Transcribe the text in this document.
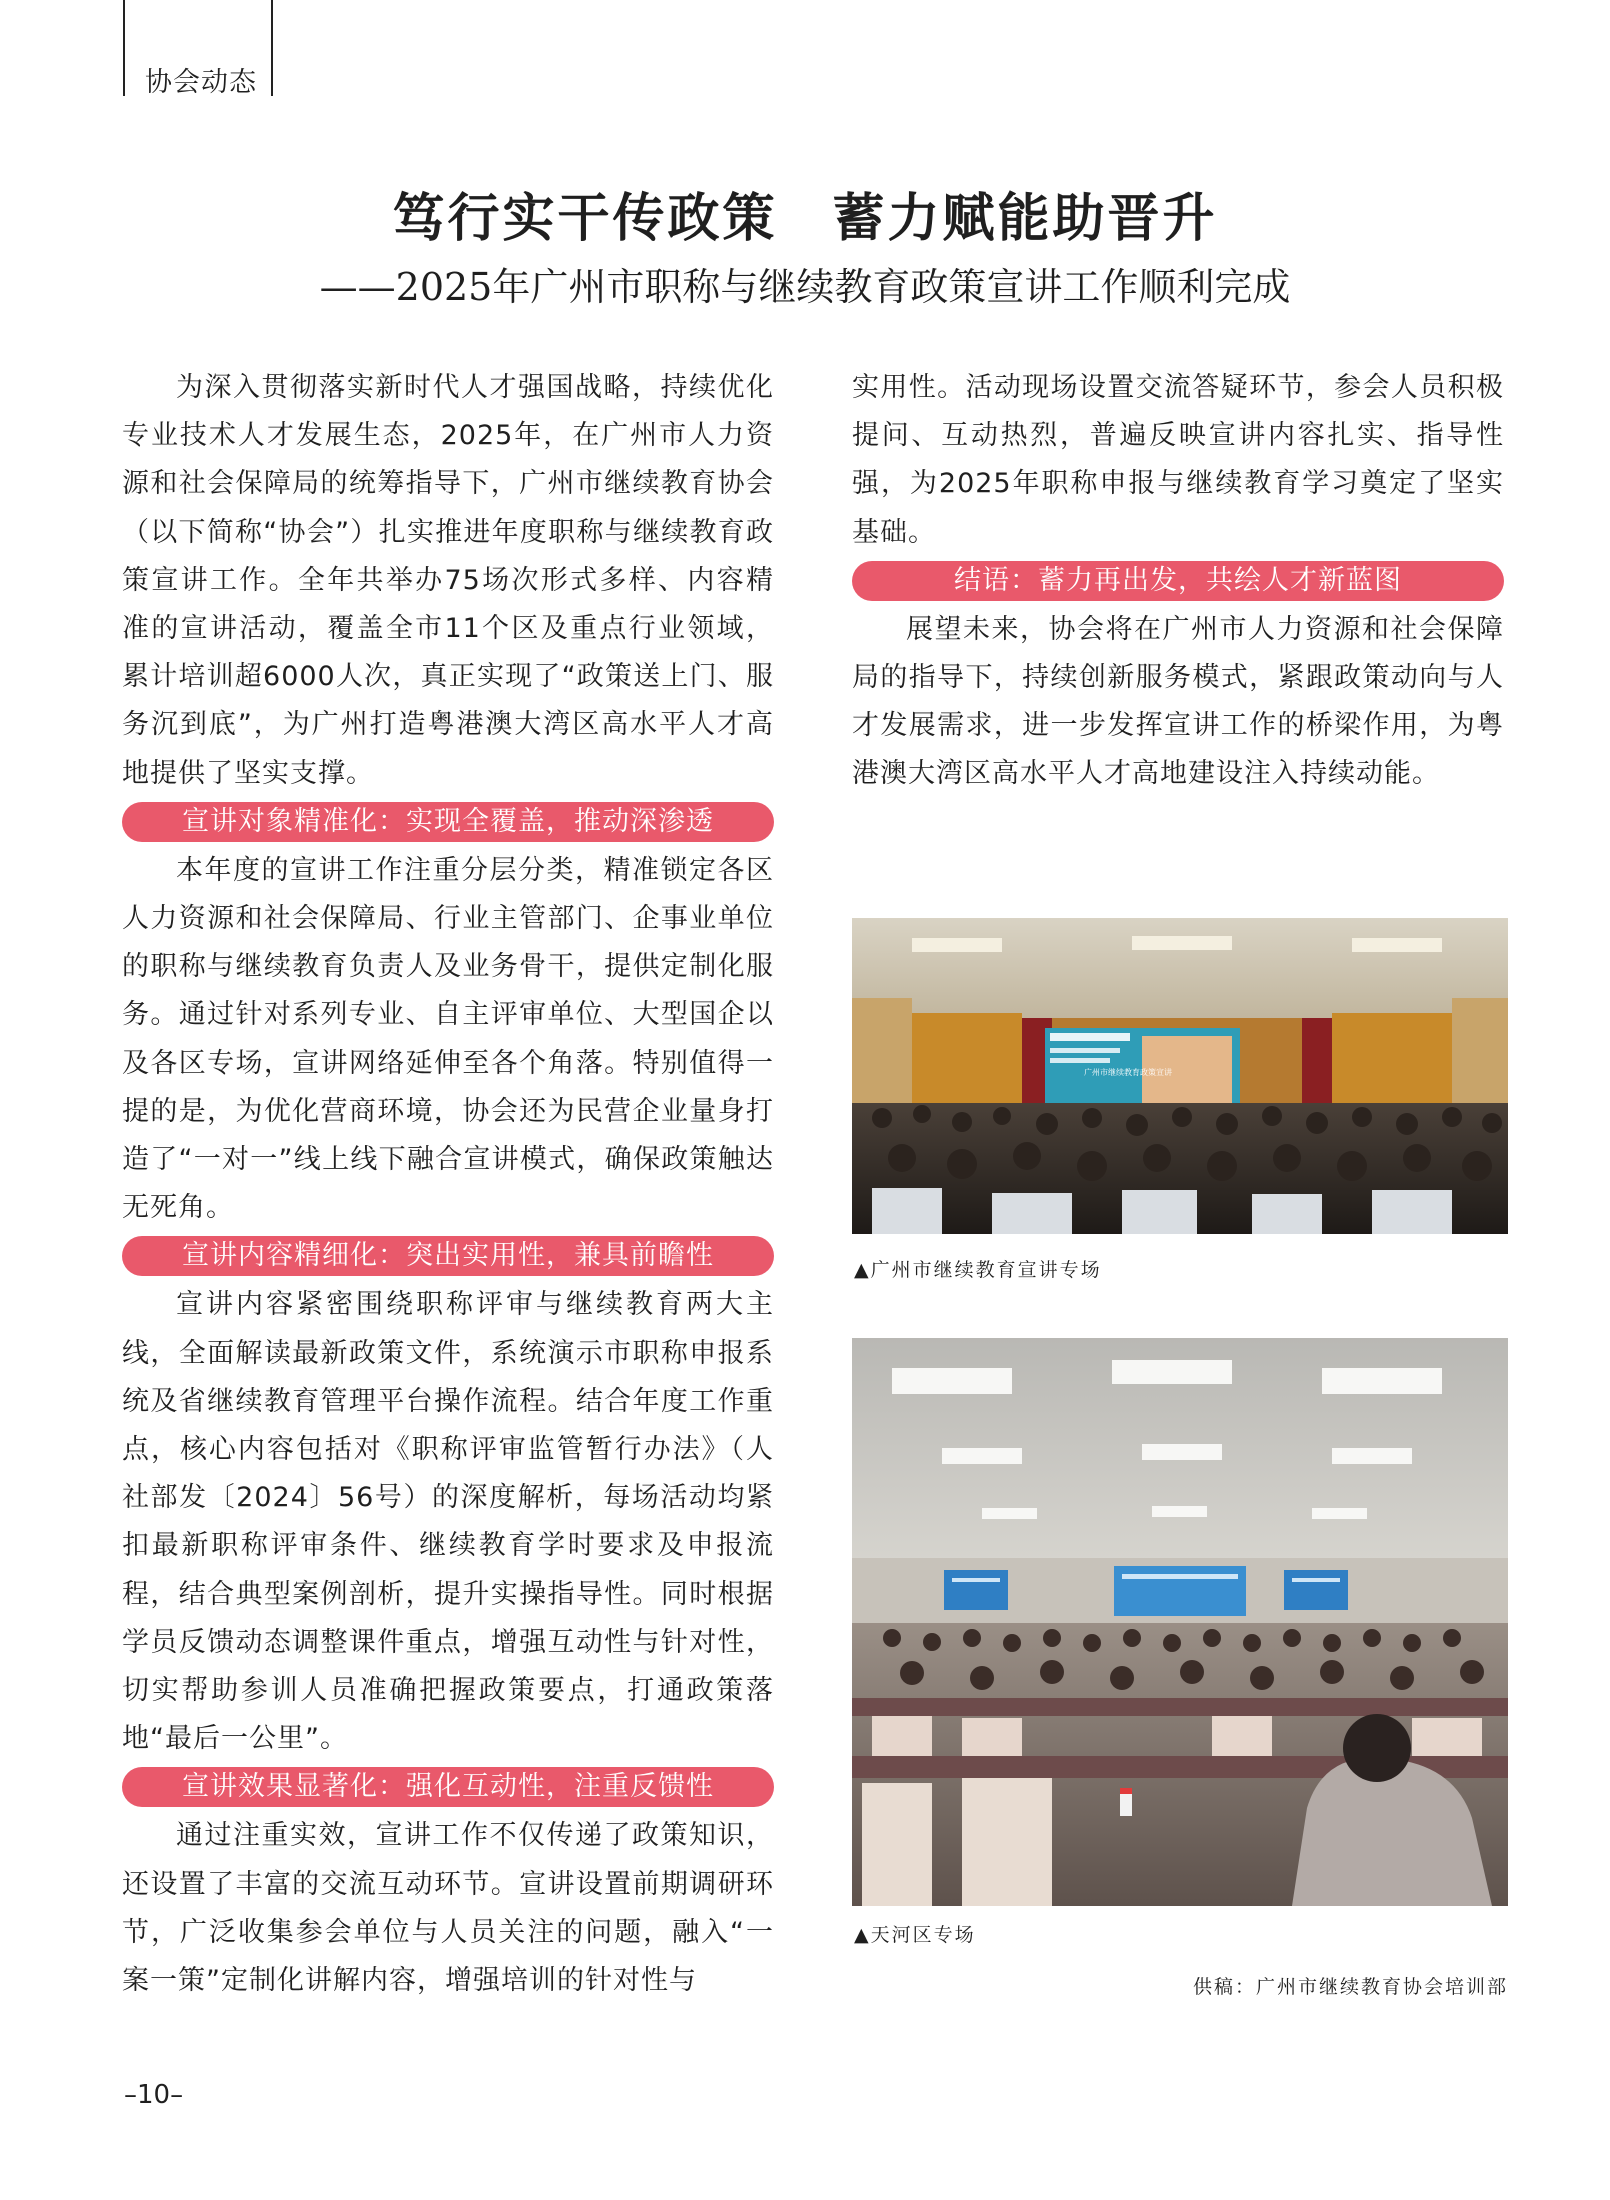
协会动态
笃行实干传政策　蓄力赋能助晋升
——2025年广州市职称与继续教育政策宣讲工作顺利完成

为深入贯彻落实新时代人才强国战略，持续优化专业技术人才发展生态，2025年，在广州市人力资源和社会保障局的统筹指导下，广州市继续教育协会（以下简称“协会”）扎实推进年度职称与继续教育政策宣讲工作。全年共举办75场次形式多样、内容精准的宣讲活动，覆盖全市11个区及重点行业领域，累计培训超6000人次，真正实现了“政策送上门、服务沉到底”，为广州打造粤港澳大湾区高水平人才高地提供了坚实支撑。

宣讲对象精准化：实现全覆盖，推动深渗透

本年度的宣讲工作注重分层分类，精准锁定各区人力资源和社会保障局、行业主管部门、企事业单位的职称与继续教育负责人及业务骨干，提供定制化服务。通过针对系列专业、自主评审单位、大型国企以及各区专场，宣讲网络延伸至各个角落。特别值得一提的是，为优化营商环境，协会还为民营企业量身打造了“一对一”线上线下融合宣讲模式，确保政策触达无死角。

宣讲内容精细化：突出实用性，兼具前瞻性

宣讲内容紧密围绕职称评审与继续教育两大主线，全面解读最新政策文件，系统演示市职称申报系统及省继续教育管理平台操作流程。结合年度工作重点，核心内容包括对《职称评审监管暂行办法》（人社部发〔2024〕56号）的深度解析，每场活动均紧扣最新职称评审条件、继续教育学时要求及申报流程，结合典型案例剖析，提升实操指导性。同时根据学员反馈动态调整课件重点，增强互动性与针对性，切实帮助参训人员准确把握政策要点，打通政策落地“最后一公里”。

宣讲效果显著化：强化互动性，注重反馈性

通过注重实效，宣讲工作不仅传递了政策知识，还设置了丰富的交流互动环节。宣讲设置前期调研环节，广泛收集参会单位与人员关注的问题，融入“一案一策”定制化讲解内容，增强培训的针对性与

实用性。活动现场设置交流答疑环节，参会人员积极提问、互动热烈，普遍反映宣讲内容扎实、指导性强，为2025年职称申报与继续教育学习奠定了坚实基础。

结语：蓄力再出发，共绘人才新蓝图

展望未来，协会将在广州市人力资源和社会保障局的指导下，持续创新服务模式，紧跟政策动向与人才发展需求，进一步发挥宣讲工作的桥梁作用，为粤港澳大湾区高水平人才高地建设注入持续动能。

广州市继续教育政策宣讲
▲广州市继续教育宣讲专场
▲天河区专场
供稿：广州市继续教育协会培训部
–10–
